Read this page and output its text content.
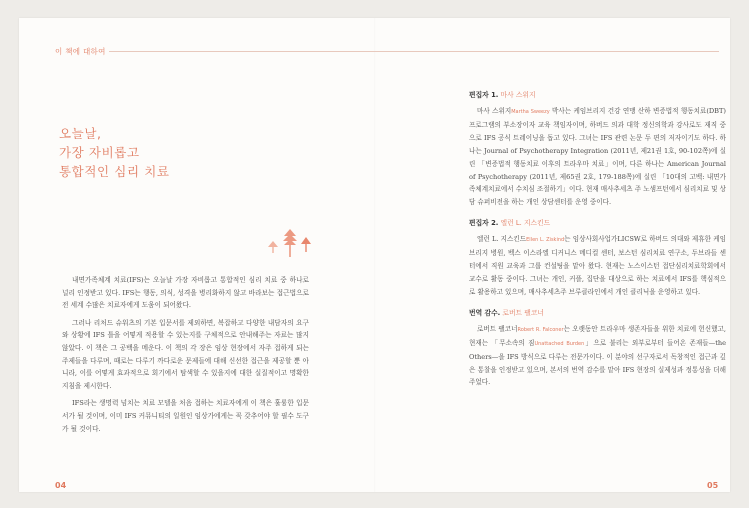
이 책에 대하여
오늘날,
가장 자비롭고
통합적인 심리 치료

내면가족체계 치료(IFS)는 오늘날 가장 자비롭고 통합적인 심리 치료 중 하나로 널리 인정받고 있다. IFS는 행동, 의식, 성격을 병리화하지 않고 바라보는 접근법으로 전 세계 수많은 치료자에게 도움이 되어왔다.

그러나 리처드 슈워츠의 기본 입문서를 제외하면, 복잡하고 다양한 내담자의 요구와 상황에 IFS 틀을 어떻게 적용할 수 있는지를 구체적으로 안내해주는 자료는 많지 않았다. 이 책은 그 공백을 메운다. 이 책의 각 장은 임상 현장에서 자주 접하게 되는 주제들을 다루며, 때로는 다루기 까다로운 문제들에 대해 신선한 접근을 제공할 뿐 아니라, 이를 어떻게 효과적으로 회기에서 탐색할 수 있을지에 대한 실질적이고 명확한 지침을 제시한다.

IFS라는 생명력 넘치는 치료 모델을 처음 접하는 치료자에게 이 책은 훌륭한 입문서가 될 것이며, 이미 IFS 커뮤니티의 일원인 임상가에게는 꼭 갖추어야 할 필수 도구가 될 것이다.

04
편집자 1. 마사 스위지

마사 스위지Martha Sweezy 박사는 케임브리지 건강 연맹 산하 변증법적 행동치료(DBT) 프로그램의 부소장이자 교육 책임자이며, 하버드 의과 대학 정신의학과 강사로도 재직 중으로 IFS 공식 트레이닝을 돕고 있다. 그녀는 IFS 관련 논문 두 편의 저자이기도 하다. 하나는 Journal of Psychotherapy Integration (2011년, 제21권 1호, 90-102쪽)에 실린 「변증법적 행동치료 이후의 트라우마 치료」이며, 다른 하나는 American Journal of Psychotherapy (2011년, 제65권 2호, 179-188쪽)에 실린 「10대의 고백: 내면가족체계치료에서 수치심 조절하기」이다. 현재 매사추세츠 주 노샘프턴에서 심리치료 및 상담 슈퍼비전을 하는 개인 상담센터를 운영 중이다.

편집자 2. 엘런 L. 지스킨드

엘런 L. 지스킨드Ellen L. Ziskind는 임상사회사업가LICSW로 하버드 의대와 제휴한 케임브리지 병원, 벡스 이스라엘 디커니스 메디컬 센터, 보스턴 심리치료 연구소, 두브라들 센터에서 직원 교육과 그룹 컨설팅을 맡아 왔다. 현재는 노스이스턴 접단심리치료학회에서 교수로 활동 중이다. 그녀는 개인, 커플, 집단을 대상으로 하는 치료에서 IFS를 핵심적으로 활용하고 있으며, 매사추세츠주 브루클라인에서 개인 클리닉을 운영하고 있다.

번역 감수. 로버트 팰코너

로버트 팰코너Robert R. Falconer는 오랫동안 트라우마 생존자들을 위한 치료에 헌신했고, 현재는 「무소속의 짐Unattached Burden」으로 불리는 외부로부터 들어온 존재들—the Others—을 IFS 방식으로 다루는 전문가이다. 이 분야의 선구자로서 독창적인 접근과 깊은 통찰을 인정받고 있으며, 본서의 번역 감수를 맡아 IFS 현장의 실제성과 정통성을 더해주었다.

05
